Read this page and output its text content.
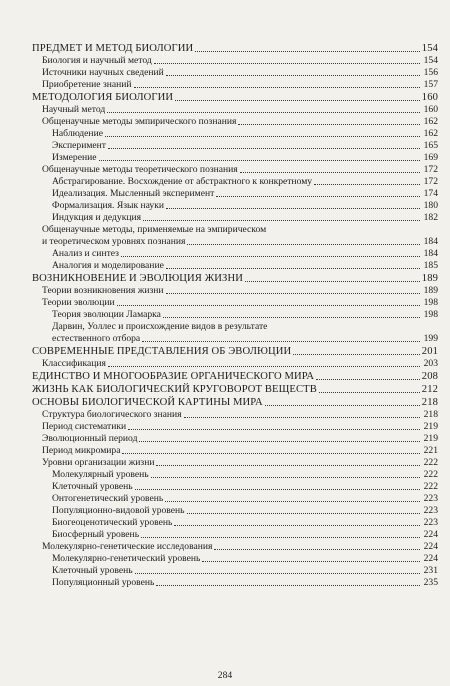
ПРЕДМЕТ И МЕТОД БИОЛОГИИ	154
Биология и научный метод	154
Источники научных сведений	156
Приобретение знаний	157
МЕТОДОЛОГИЯ БИОЛОГИИ	160
Научный метод	160
Общенаучные методы эмпирического познания	162
Наблюдение	162
Эксперимент	165
Измерение	169
Общенаучные методы теоретического познания	172
Абстрагирование. Восхождение от абстрактного к конкретному	172
Идеализация. Мысленный эксперимент	174
Формализация. Язык науки	180
Индукция и дедукция	182
Общенаучные методы, применяемые на эмпирическом
и теоретическом уровнях познания	184
Анализ и синтез	184
Аналогия и моделирование	185
ВОЗНИКНОВЕНИЕ И ЭВОЛЮЦИЯ ЖИЗНИ	189
Теории возникновения жизни	189
Теории эволюции	198
Теория эволюции Ламарка	198
Дарвин, Уоллес и происхождение видов в результате
естественного отбора	199
СОВРЕМЕННЫЕ ПРЕДСТАВЛЕНИЯ ОБ ЭВОЛЮЦИИ	201
Классификация	203
ЕДИНСТВО И МНОГООБРАЗИЕ ОРГАНИЧЕСКОГО МИРА	208
ЖИЗНЬ КАК БИОЛОГИЧЕСКИЙ КРУГОВОРОТ ВЕЩЕСТВ	212
ОСНОВЫ БИОЛОГИЧЕСКОЙ КАРТИНЫ МИРА	218
Структура биологического знания	218
Период систематики	219
Эволюционный период	219
Период микромира	221
Уровни организации жизни	222
Молекулярный уровень	222
Клеточный уровень	222
Онтогенетический уровень	223
Популяционно-видовой уровень	223
Биогеоценотический уровень	223
Биосферный уровень	224
Молекулярно-генетические исследования	224
Молекулярно-генетический уровень	224
Клеточный уровень	231
Популяционный уровень	235
284
